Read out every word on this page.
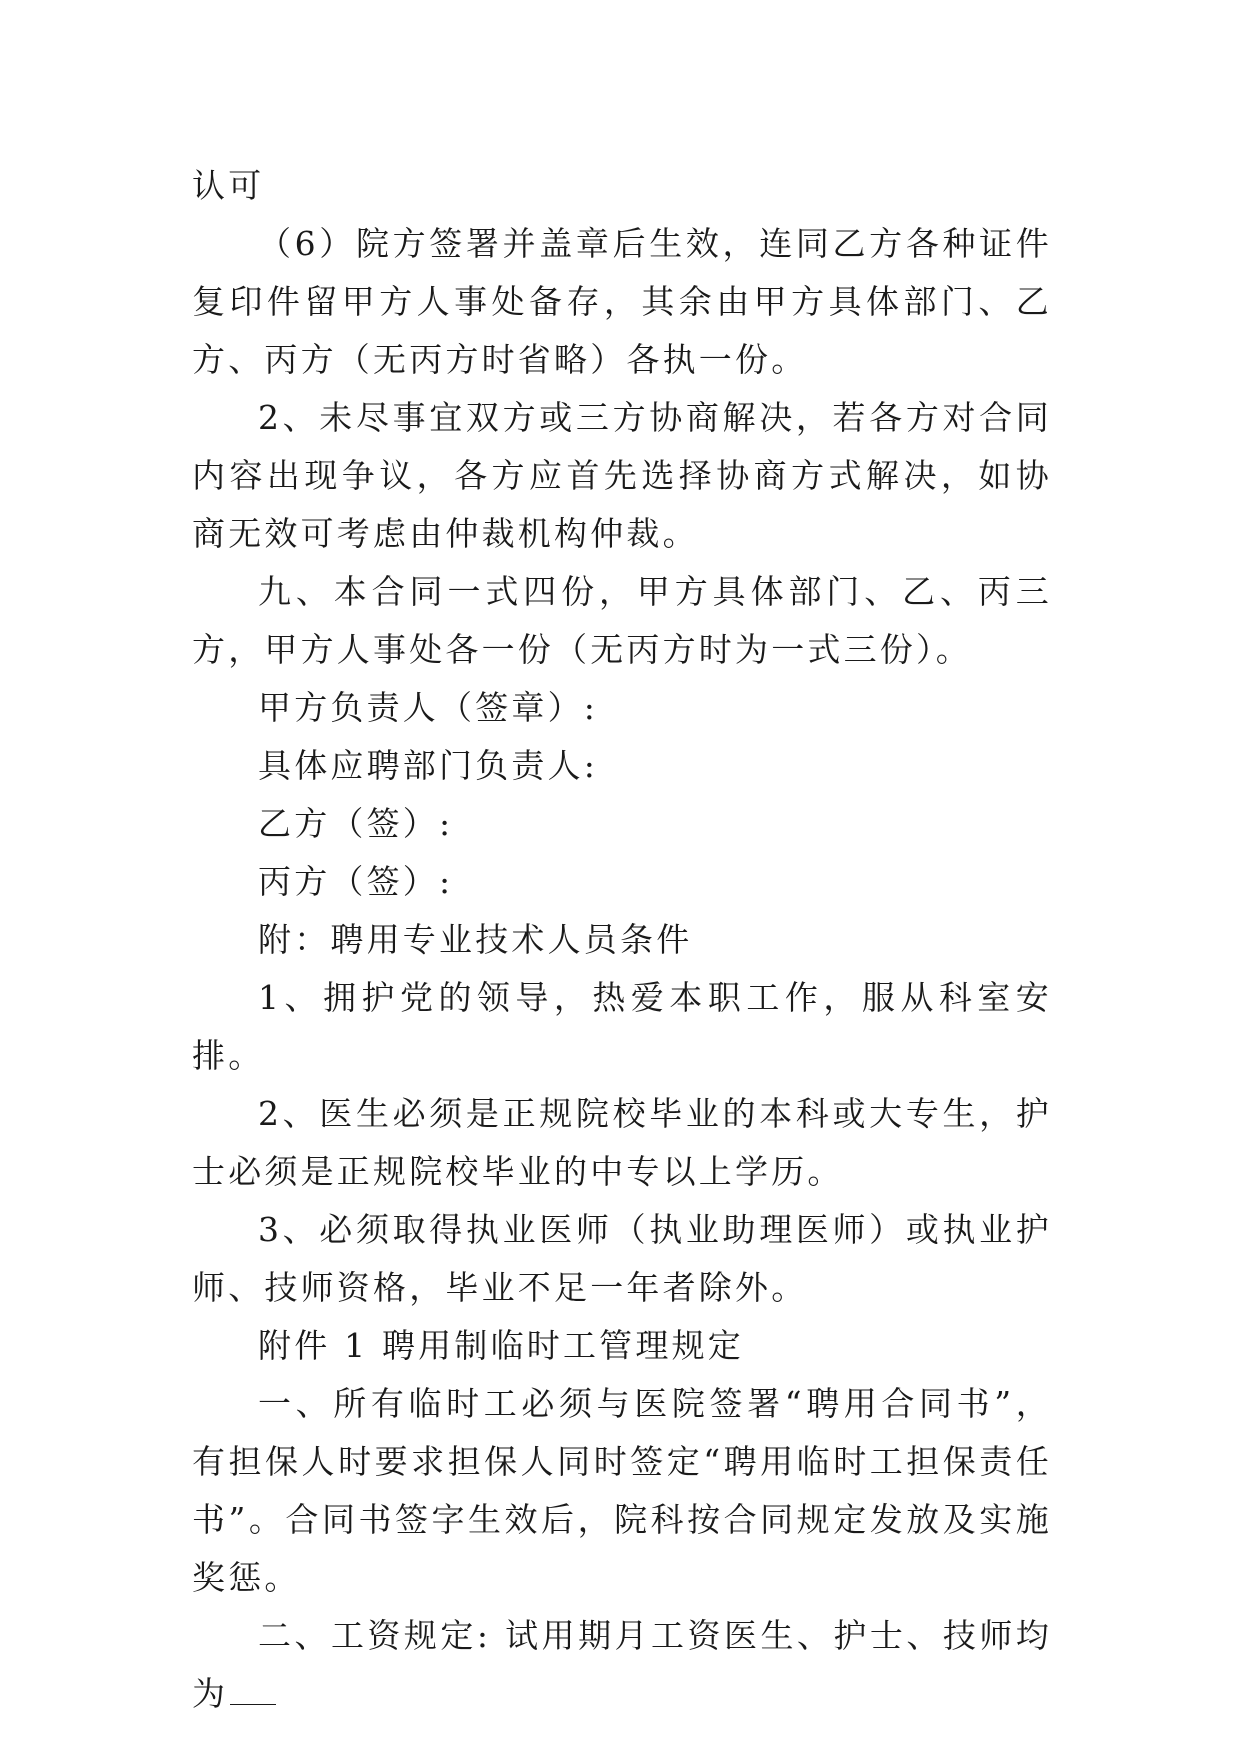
认可

（6）院方签署并盖章后生效，连同乙方各种证件复印件留甲方人事处备存，其余由甲方具体部门、乙方、丙方（无丙方时省略）各执一份。

2、未尽事宜双方或三方协商解决，若各方对合同内容出现争议，各方应首先选择协商方式解决，如协商无效可考虑由仲裁机构仲裁。

九、本合同一式四份，甲方具体部门、乙、丙三方，甲方人事处各一份（无丙方时为一式三份）。

甲方负责人（签章）:

具体应聘部门负责人:

乙方（签）:

丙方（签）:

附：聘用专业技术人员条件

1、拥护党的领导，热爱本职工作，服从科室安排。

2、医生必须是正规院校毕业的本科或大专生，护士必须是正规院校毕业的中专以上学历。

3、必须取得执业医师（执业助理医师）或执业护师、技师资格，毕业不足一年者除外。

附件 1 聘用制临时工管理规定

一、所有临时工必须与医院签署“聘用合同书”，有担保人时要求担保人同时签定“聘用临时工担保责任书”。合同书签字生效后，院科按合同规定发放及实施奖惩。

二、工资规定: 试用期月工资医生、护士、技师均为
